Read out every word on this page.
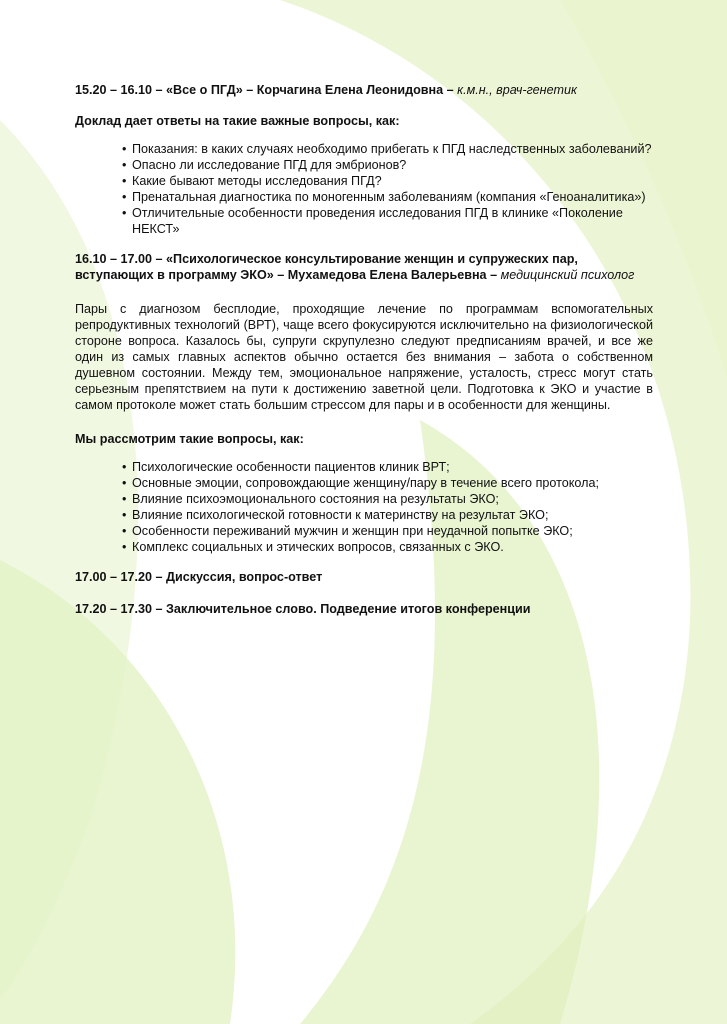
15.20 – 16.10 – «Все о ПГД» – Корчагина Елена Леонидовна – к.м.н., врач-генетик

Доклад дает ответы на такие важные вопросы, как:

• Показания: в каких случаях необходимо прибегать к ПГД наследственных заболеваний?
• Опасно ли исследование ПГД для эмбрионов?
• Какие бывают методы исследования ПГД?
• Пренатальная диагностика по моногенным заболеваниям (компания «Геноаналитика»)
• Отличительные особенности проведения исследования ПГД в клинике «Поколение НЕКСТ»

16.10 – 17.00 – «Психологическое консультирование женщин и супружеских пар, вступающих в программу ЭКО» – Мухамедова Елена Валерьевна – медицинский психолог

Пары с диагнозом бесплодие, проходящие лечение по программам вспомогательных репродуктивных технологий (ВРТ), чаще всего фокусируются исключительно на физиологической стороне вопроса. Казалось бы, супруги скрупулезно следуют предписаниям врачей, и все же один из самых главных аспектов обычно остается без внимания – забота о собственном душевном состоянии. Между тем, эмоциональное напряжение, усталость, стресс могут стать серьезным препятствием на пути к достижению заветной цели. Подготовка к ЭКО и участие в самом протоколе может стать большим стрессом для пары и в особенности для женщины.

Мы рассмотрим такие вопросы, как:

• Психологические особенности пациентов клиник ВРТ;
• Основные эмоции, сопровождающие женщину/пару в течение всего протокола;
• Влияние психоэмоционального состояния на результаты ЭКО;
• Влияние психологической готовности к материнству на результат ЭКО;
• Особенности переживаний мужчин и женщин при неудачной попытке ЭКО;
• Комплекс социальных и этических вопросов, связанных с ЭКО.

17.00 – 17.20 – Дискуссия, вопрос-ответ

17.20 – 17.30 – Заключительное слово. Подведение итогов конференции
